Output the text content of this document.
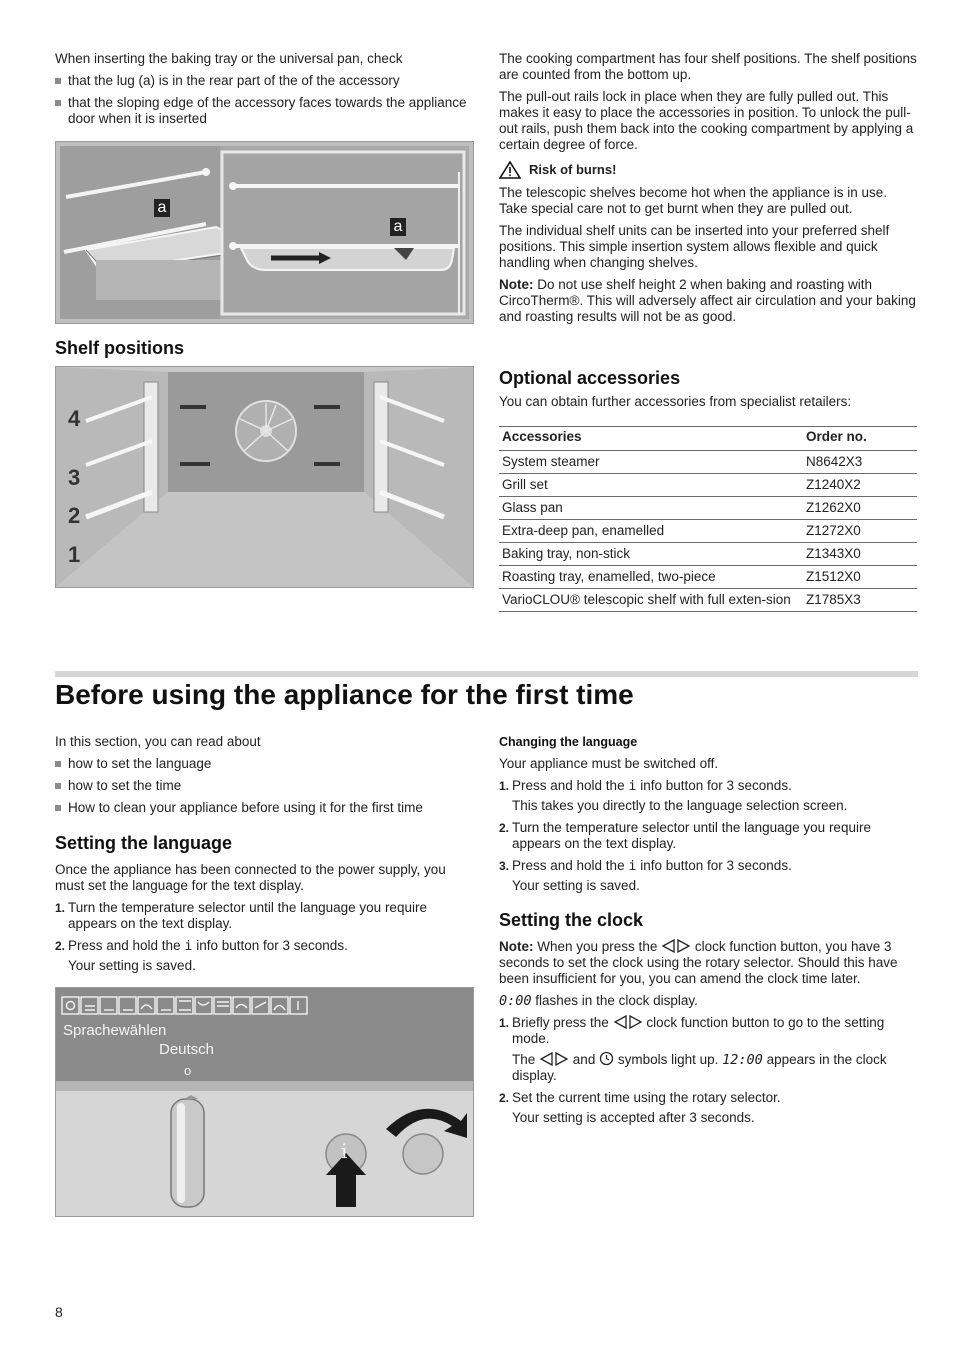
When inserting the baking tray or the universal pan, check

that the lug (a) is in the rear part of the of the accessory

that the sloping edge of the accessory faces towards the appliance door when it is inserted

a
a
Shelf positions
4
3
2
1

The cooking compartment has four shelf positions. The shelf positions are counted from the bottom up.

The pull-out rails lock in place when they are fully pulled out. This makes it easy to place the accessories in position. To unlock the pull-out rails, push them back into the cooking compartment by applying a certain degree of force.

Risk of burns!

The telescopic shelves become hot when the appliance is in use. Take special care not to get burnt when they are pulled out.

The individual shelf units can be inserted into your preferred shelf positions. This simple insertion system allows flexible and quick handling when changing shelves.

Note: Do not use shelf height 2 when baking and roasting with CircoTherm®. This will adversely affect air circulation and your baking and roasting results will not be as good.

Optional accessories

You can obtain further accessories from specialist retailers:

Accessories	Order no.
System steamer	N8642X3
Grill set	Z1240X2
Glass pan	Z1262X0
Extra-deep pan, enamelled	Z1272X0
Baking tray, non-stick	Z1343X0
Roasting tray, enamelled, two-piece	Z1512X0
VarioCLOU® telescopic shelf with full exten-sion	Z1785X3
Before using the appliance for the first time

In this section, you can read about

how to set the language

how to set the time

How to clean your appliance before using it for the first time

Setting the language

Once the appliance has been connected to the power supply, you must set the language for the text display.

1. Turn the temperature selector until the language you require appears on the text display.
2. Press and hold the i info button for 3 seconds.

Your setting is saved.

Sprachewählen
Deutsch
o
i
Changing the language

Your appliance must be switched off.

1. Press and hold the i info button for 3 seconds.

This takes you directly to the language selection screen.

2. Turn the temperature selector until the language you require appears on the text display.
3. Press and hold the i info button for 3 seconds.

Your setting is saved.

Setting the clock

Note: When you press the	clock function button, you have 3 seconds to set the clock using the rotary selector. Should this have been insufficient for you, you can amend the clock time later.

0:00 flashes in the clock display.

1. Briefly press the	clock function button to go to the setting mode.

The	and symbols light up. 12:00 appears in the clock display.

2. Set the current time using the rotary selector.

Your setting is accepted after 3 seconds.

8
